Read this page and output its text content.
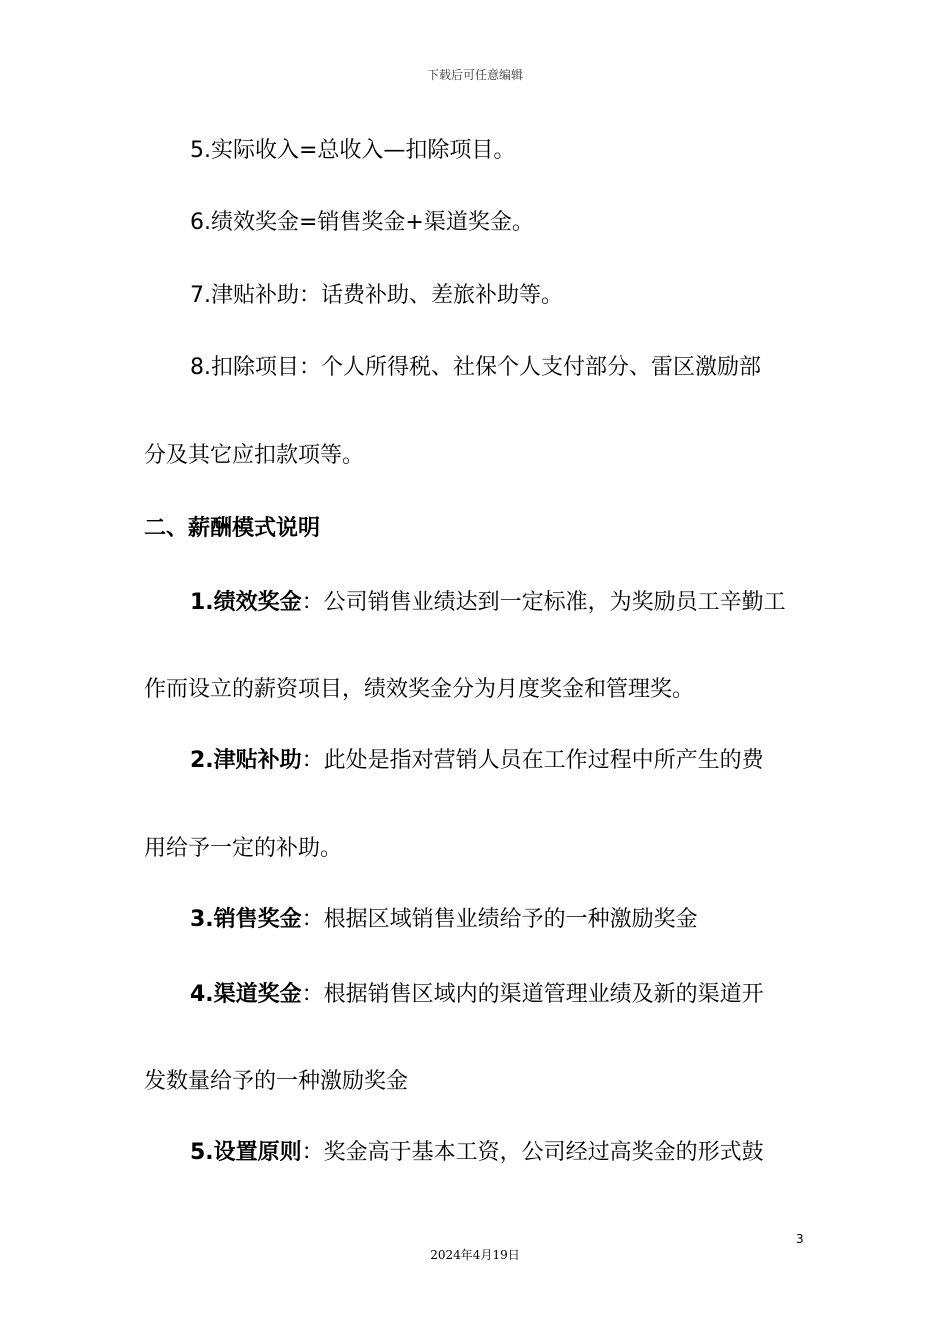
下载后可任意编辑
5.实际收入=总收入—扣除项目。
6.绩效奖金=销售奖金+渠道奖金。
7.津贴补助：话费补助、差旅补助等。
8.扣除项目：个人所得税、社保个人支付部分、雷区激励部
分及其它应扣款项等。
二、薪酬模式说明
1.绩效奖金：公司销售业绩达到一定标准，为奖励员工辛勤工
作而设立的薪资项目，绩效奖金分为月度奖金和管理奖。
2.津贴补助：此处是指对营销人员在工作过程中所产生的费
用给予一定的补助。
3.销售奖金：根据区域销售业绩给予的一种激励奖金
4.渠道奖金：根据销售区域内的渠道管理业绩及新的渠道开
发数量给予的一种激励奖金
5.设置原则：奖金高于基本工资，公司经过高奖金的形式鼓
3
2024年4月19日
